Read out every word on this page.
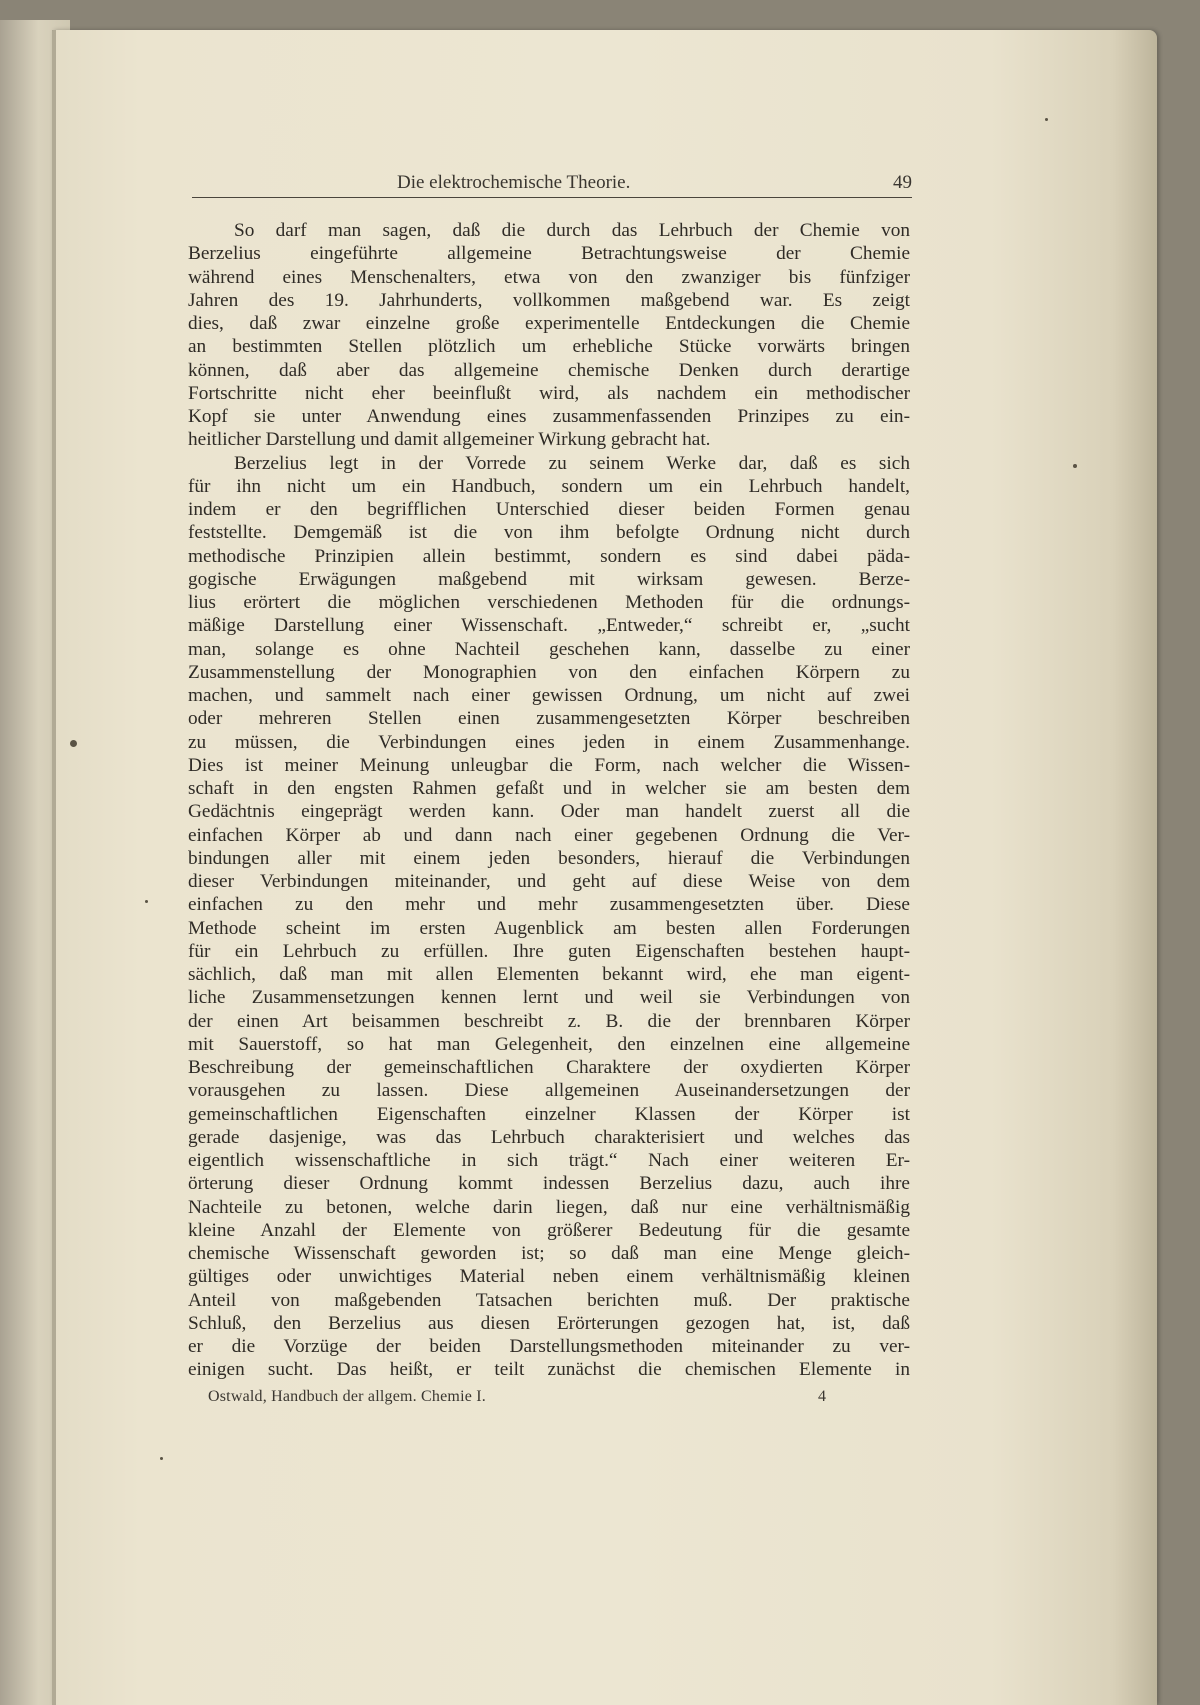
Die elektrochemische Theorie.	49
So darf man sagen, daß die durch das Lehrbuch der Chemie von
Berzelius eingeführte allgemeine Betrachtungsweise der Chemie
während eines Menschenalters, etwa von den zwanziger bis fünfziger
Jahren des 19. Jahrhunderts, vollkommen maßgebend war. Es zeigt
dies, daß zwar einzelne große experimentelle Entdeckungen die Chemie
an bestimmten Stellen plötzlich um erhebliche Stücke vorwärts bringen
können, daß aber das allgemeine chemische Denken durch derartige
Fortschritte nicht eher beeinflußt wird, als nachdem ein methodischer
Kopf sie unter Anwendung eines zusammenfassenden Prinzipes zu ein-
heitlicher Darstellung und damit allgemeiner Wirkung gebracht hat.
Berzelius legt in der Vorrede zu seinem Werke dar, daß es sich
für ihn nicht um ein Handbuch, sondern um ein Lehrbuch handelt,
indem er den begrifflichen Unterschied dieser beiden Formen genau
feststellte. Demgemäß ist die von ihm befolgte Ordnung nicht durch
methodische Prinzipien allein bestimmt, sondern es sind dabei päda-
gogische Erwägungen maßgebend mit wirksam gewesen. Berze-
lius erörtert die möglichen verschiedenen Methoden für die ordnungs-
mäßige Darstellung einer Wissenschaft. „Entweder,“ schreibt er, „sucht
man, solange es ohne Nachteil geschehen kann, dasselbe zu einer
Zusammenstellung der Monographien von den einfachen Körpern zu
machen, und sammelt nach einer gewissen Ordnung, um nicht auf zwei
oder mehreren Stellen einen zusammengesetzten Körper beschreiben
zu müssen, die Verbindungen eines jeden in einem Zusammenhange.
Dies ist meiner Meinung unleugbar die Form, nach welcher die Wissen-
schaft in den engsten Rahmen gefaßt und in welcher sie am besten dem
Gedächtnis eingeprägt werden kann. Oder man handelt zuerst all die
einfachen Körper ab und dann nach einer gegebenen Ordnung die Ver-
bindungen aller mit einem jeden besonders, hierauf die Verbindungen
dieser Verbindungen miteinander, und geht auf diese Weise von dem
einfachen zu den mehr und mehr zusammengesetzten über. Diese
Methode scheint im ersten Augenblick am besten allen Forderungen
für ein Lehrbuch zu erfüllen. Ihre guten Eigenschaften bestehen haupt-
sächlich, daß man mit allen Elementen bekannt wird, ehe man eigent-
liche Zusammensetzungen kennen lernt und weil sie Verbindungen von
der einen Art beisammen beschreibt z. B. die der brennbaren Körper
mit Sauerstoff, so hat man Gelegenheit, den einzelnen eine allgemeine
Beschreibung der gemeinschaftlichen Charaktere der oxydierten Körper
vorausgehen zu lassen. Diese allgemeinen Auseinandersetzungen der
gemeinschaftlichen Eigenschaften einzelner Klassen der Körper ist
gerade dasjenige, was das Lehrbuch charakterisiert und welches das
eigentlich wissenschaftliche in sich trägt.“ Nach einer weiteren Er-
örterung dieser Ordnung kommt indessen Berzelius dazu, auch ihre
Nachteile zu betonen, welche darin liegen, daß nur eine verhältnismäßig
kleine Anzahl der Elemente von größerer Bedeutung für die gesamte
chemische Wissenschaft geworden ist; so daß man eine Menge gleich-
gültiges oder unwichtiges Material neben einem verhältnismäßig kleinen
Anteil von maßgebenden Tatsachen berichten muß. Der praktische
Schluß, den Berzelius aus diesen Erörterungen gezogen hat, ist, daß
er die Vorzüge der beiden Darstellungsmethoden miteinander zu ver-
einigen sucht. Das heißt, er teilt zunächst die chemischen Elemente in
Ostwald, Handbuch der allgem. Chemie I.	4
